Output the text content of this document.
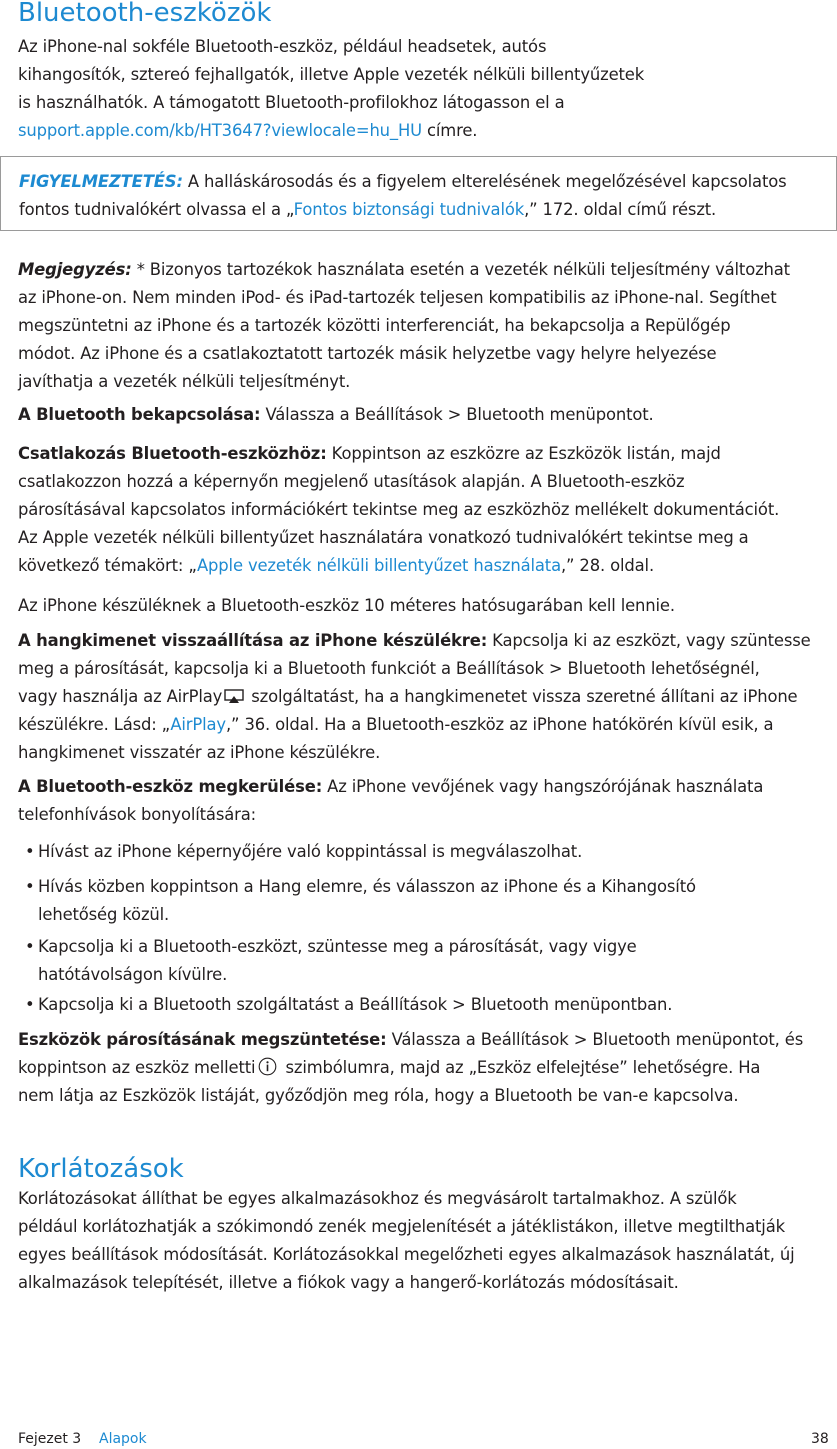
Bluetooth-eszközök
Az iPhone-nal sokféle Bluetooth-eszköz, például headsetek, autós
kihangosítók, sztereó fejhallgatók, illetve Apple vezeték nélküli billentyűzetek
is használhatók. A támogatott Bluetooth-profilokhoz látogasson el a
support.apple.com/kb/HT3647?viewlocale=hu_HU címre.
FIGYELMEZTETÉS: A halláskárosodás és a figyelem elterelésének megelőzésével kapcsolatos
fontos tudnivalókért olvassa el a „Fontos biztonsági tudnivalók,” 172. oldal című részt.
Megjegyzés: * Bizonyos tartozékok használata esetén a vezeték nélküli teljesítmény változhat
az iPhone-on. Nem minden iPod- és iPad-tartozék teljesen kompatibilis az iPhone-nal. Segíthet
megszüntetni az iPhone és a tartozék közötti interferenciát, ha bekapcsolja a Repülőgép
módot. Az iPhone és a csatlakoztatott tartozék másik helyzetbe vagy helyre helyezése
javíthatja a vezeték nélküli teljesítményt.
A Bluetooth bekapcsolása: Válassza a Beállítások > Bluetooth menüpontot.
Csatlakozás Bluetooth-eszközhöz: Koppintson az eszközre az Eszközök listán, majd
csatlakozzon hozzá a képernyőn megjelenő utasítások alapján. A Bluetooth-eszköz
párosításával kapcsolatos információkért tekintse meg az eszközhöz mellékelt dokumentációt.
Az Apple vezeték nélküli billentyűzet használatára vonatkozó tudnivalókért tekintse meg a
következő témakört: „Apple vezeték nélküli billentyűzet használata,” 28. oldal.
Az iPhone készüléknek a Bluetooth-eszköz 10 méteres hatósugarában kell lennie.
A hangkimenet visszaállítása az iPhone készülékre: Kapcsolja ki az eszközt, vagy szüntesse
meg a párosítását, kapcsolja ki a Bluetooth funkciót a Beállítások > Bluetooth lehetőségnél,
vagy használja az AirPlay szolgáltatást, ha a hangkimenetet vissza szeretné állítani az iPhone
készülékre. Lásd: „AirPlay,” 36. oldal. Ha a Bluetooth-eszköz az iPhone hatókörén kívül esik, a
hangkimenet visszatér az iPhone készülékre.
A Bluetooth-eszköz megkerülése: Az iPhone vevőjének vagy hangszórójának használata
telefonhívások bonyolítására:
• Hívást az iPhone képernyőjére való koppintással is megválaszolhat.
• Hívás közben koppintson a Hang elemre, és válasszon az iPhone és a Kihangosító
lehetőség közül.
• Kapcsolja ki a Bluetooth-eszközt, szüntesse meg a párosítását, vagy vigye
hatótávolságon kívülre.
• Kapcsolja ki a Bluetooth szolgáltatást a Beállítások > Bluetooth menüpontban.
Eszközök párosításának megszüntetése: Válassza a Beállítások > Bluetooth menüpontot, és
koppintson az eszköz melletti szimbólumra, majd az „Eszköz elfelejtése” lehetőségre. Ha
nem látja az Eszközök listáját, győződjön meg róla, hogy a Bluetooth be van-e kapcsolva.
Korlátozások
Korlátozásokat állíthat be egyes alkalmazásokhoz és megvásárolt tartalmakhoz. A szülők
például korlátozhatják a szókimondó zenék megjelenítését a játéklistákon, illetve megtilthatják
egyes beállítások módosítását. Korlátozásokkal megelőzheti egyes alkalmazások használatát, új
alkalmazások telepítését, illetve a fiókok vagy a hangerő-korlátozás módosításait.
Fejezet 3 Alapok	38
